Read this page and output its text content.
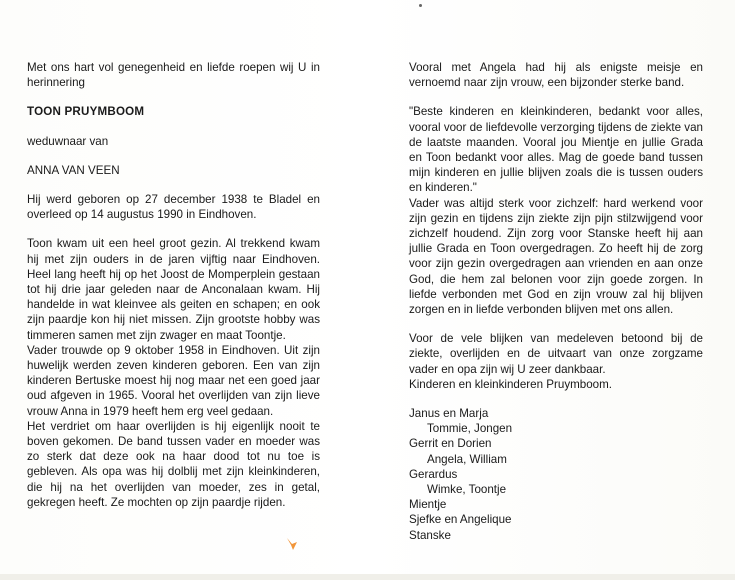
Met ons hart vol genegenheid en liefde roepen wij U in herinnering

TOON PRUYMBOOM

weduwnaar van

ANNA VAN VEEN

Hij werd geboren op 27 december 1938 te Bladel en overleed op 14 augustus 1990 in Eindhoven.

Toon kwam uit een heel groot gezin. Al trekkend kwam hij met zijn ouders in de jaren vijftig naar Eindhoven. Heel lang heeft hij op het Joost de Momperplein gestaan tot hij drie jaar geleden naar de Anconalaan kwam. Hij handelde in wat kleinvee als geiten en schapen; en ook zijn paardje kon hij niet missen. Zijn grootste hobby was timmeren samen met zijn zwager en maat Toontje.

Vader trouwde op 9 oktober 1958 in Eindhoven. Uit zijn huwelijk werden zeven kinderen geboren. Een van zijn kinderen Bertuske moest hij nog maar net een goed jaar oud afgeven in 1965. Vooral het overlijden van zijn lieve vrouw Anna in 1979 heeft hem erg veel gedaan.

Het verdriet om haar overlijden is hij eigenlijk nooit te boven gekomen. De band tussen vader en moeder was zo sterk dat deze ook na haar dood tot nu toe is gebleven. Als opa was hij dolblij met zijn kleinkinderen, die hij na het overlijden van moeder, zes in getal, gekregen heeft. Ze mochten op zijn paardje rijden.

Vooral met Angela had hij als enigste meisje en vernoemd naar zijn vrouw, een bijzonder sterke band.

"Beste kinderen en kleinkinderen, bedankt voor alles, vooral voor de liefdevolle verzorging tijdens de ziekte van de laatste maanden. Vooral jou Mientje en jullie Grada en Toon bedankt voor alles. Mag de goede band tussen mijn kinderen en jullie blijven zoals die is tussen ouders en kinderen."

Vader was altijd sterk voor zichzelf: hard werkend voor zijn gezin en tijdens zijn ziekte zijn pijn stilzwijgend voor zichzelf houdend. Zijn zorg voor Stanske heeft hij aan jullie Grada en Toon overgedragen. Zo heeft hij de zorg voor zijn gezin overgedragen aan vrienden en aan onze God, die hem zal belonen voor zijn goede zorgen. In liefde verbonden met God en zijn vrouw zal hij blijven zorgen en in liefde verbonden blijven met ons allen.

Voor de vele blijken van medeleven betoond bij de ziekte, overlijden en de uitvaart van onze zorgzame vader en opa zijn wij U zeer dankbaar.

Kinderen en kleinkinderen Pruymboom.

Janus en Marja

Tommie, Jongen

Gerrit en Dorien

Angela, William

Gerardus

Wimke, Toontje

Mientje

Sjefke en Angelique

Stanske
